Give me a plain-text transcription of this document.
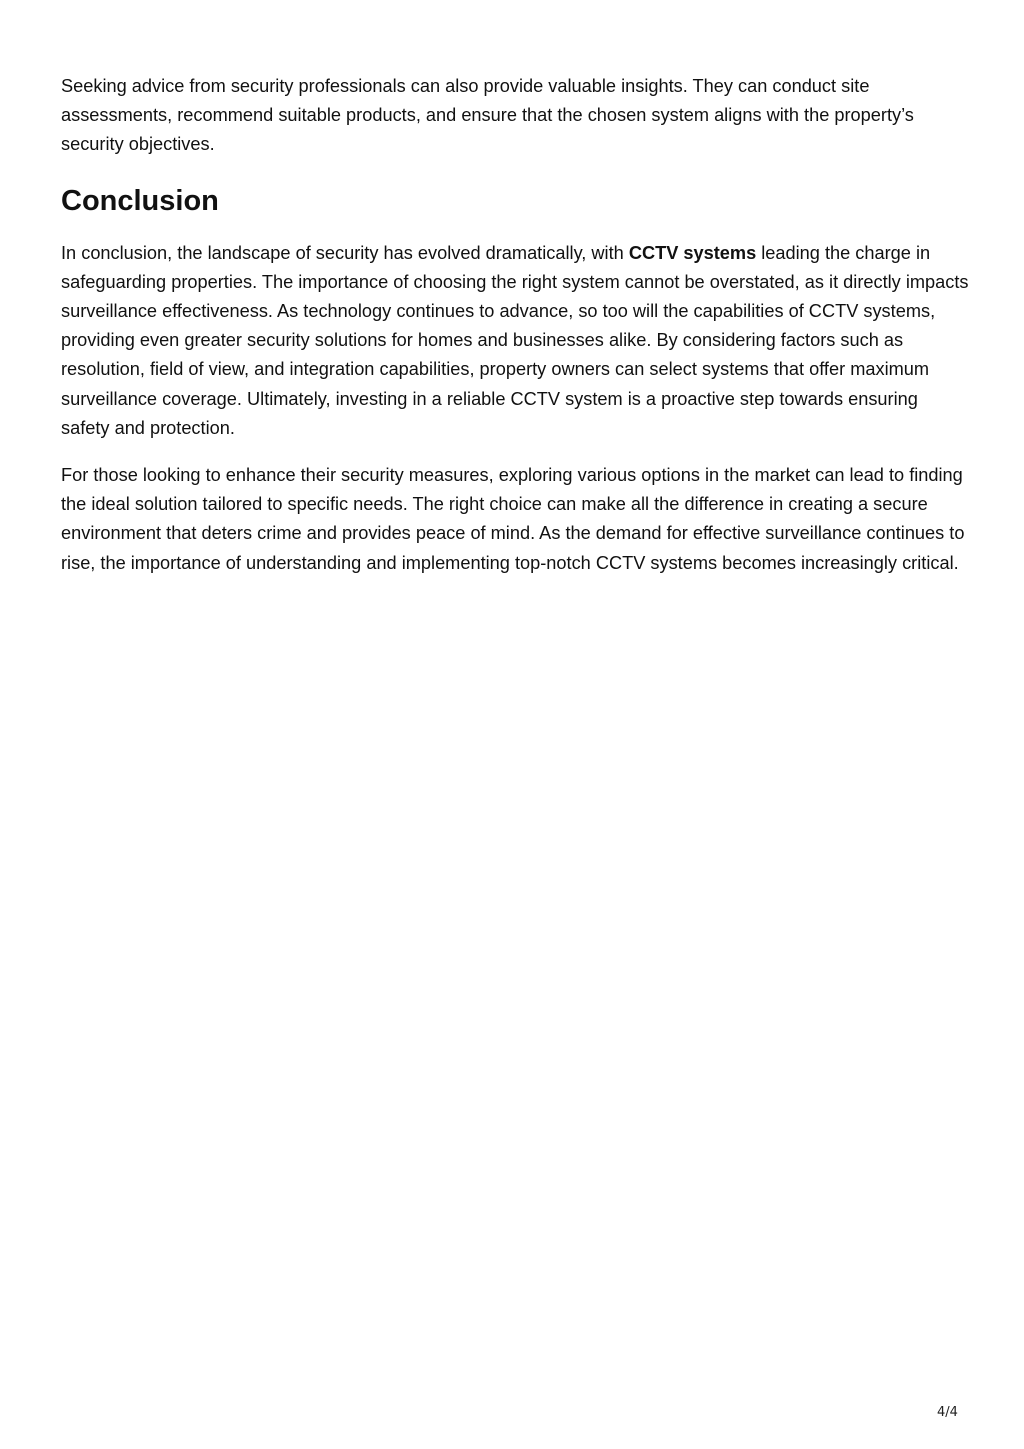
Seeking advice from security professionals can also provide valuable insights. They can conduct site assessments, recommend suitable products, and ensure that the chosen system aligns with the property’s security objectives.

Conclusion

In conclusion, the landscape of security has evolved dramatically, with CCTV systems leading the charge in safeguarding properties. The importance of choosing the right system cannot be overstated, as it directly impacts surveillance effectiveness. As technology continues to advance, so too will the capabilities of CCTV systems, providing even greater security solutions for homes and businesses alike. By considering factors such as resolution, field of view, and integration capabilities, property owners can select systems that offer maximum surveillance coverage. Ultimately, investing in a reliable CCTV system is a proactive step towards ensuring safety and protection.

For those looking to enhance their security measures, exploring various options in the market can lead to finding the ideal solution tailored to specific needs. The right choice can make all the difference in creating a secure environment that deters crime and provides peace of mind. As the demand for effective surveillance continues to rise, the importance of understanding and implementing top-notch CCTV systems becomes increasingly critical.

4/4
